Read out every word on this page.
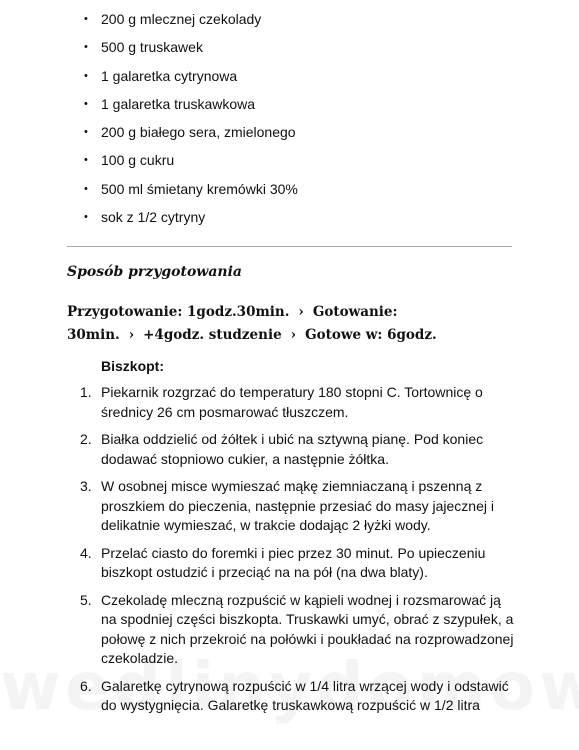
• 200 g mlecznej czekolady
• 500 g truskawek
• 1 galaretka cytrynowa
• 1 galaretka truskawkowa
• 200 g białego sera, zmielonego
• 100 g cukru
• 500 ml śmietany kremówki 30%
• sok z 1/2 cytryny
Sposób przygotowania
Przygotowanie: 1godz.30min. › Gotowanie:
30min. › +4godz. studzenie › Gotowe w: 6godz.
Biszkopt:
1. Piekarnik rozgrzać do temperatury 180 stopni C. Tortownicę o średnicy 26 cm posmarować tłuszczem.
2. Białka oddzielić od żółtek i ubić na sztywną pianę. Pod koniec dodawać stopniowo cukier, a następnie żółtka.
3. W osobnej misce wymieszać mąkę ziemniaczaną i pszenną z proszkiem do pieczenia, następnie przesiać do masy jajecznej i delikatnie wymieszać, w trakcie dodając 2 łyżki wody.
4. Przelać ciasto do foremki i piec przez 30 minut. Po upieczeniu biszkopt ostudzić i przeciąć na na pół (na dwa blaty).
5. Czekoladę mleczną rozpuścić w kąpieli wodnej i rozsmarować ją na spodniej części biszkopta. Truskawki umyć, obrać z szypułek, a połowę z nich przekroić na połówki i poukładać na rozprowadzonej czekoladzie.
6. Galaretkę cytrynową rozpuścić w 1/4 litra wrzącej wody i odstawić do wystygnięcia. Galaretkę truskawkową rozpuścić w 1/2 litra
